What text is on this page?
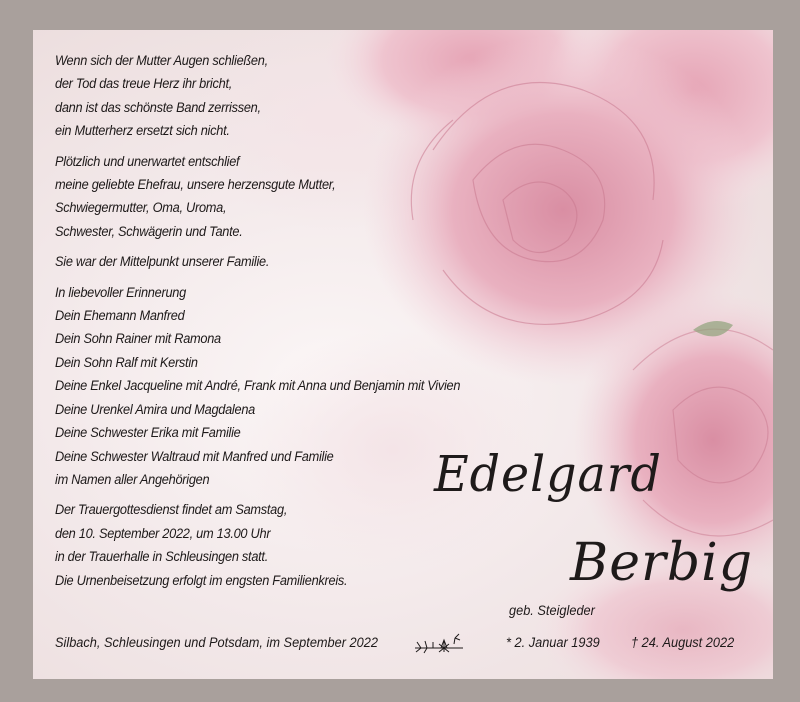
Wenn sich der Mutter Augen schließen,
der Tod das treue Herz ihr bricht,
dann ist das schönste Band zerrissen,
ein Mutterherz ersetzt sich nicht.
Plötzlich und unerwartet entschlief
meine geliebte Ehefrau, unsere herzensgute Mutter,
Schwiegermutter, Oma, Uroma,
Schwester, Schwägerin und Tante.
Sie war der Mittelpunkt unserer Familie.
In liebevoller Erinnerung
Dein Ehemann Manfred
Dein Sohn Rainer mit Ramona
Dein Sohn Ralf mit Kerstin
Deine Enkel Jacqueline mit André, Frank mit Anna und Benjamin mit Vivien
Deine Urenkel Amira und Magdalena
Deine Schwester Erika mit Familie
Deine Schwester Waltraud mit Manfred und Familie
im Namen aller Angehörigen
Der Trauergottesdienst findet am Samstag,
den 10. September 2022, um 13.00 Uhr
in der Trauerhalle in Schleusingen statt.
Die Urnenbeisetzung erfolgt im engsten Familienkreis.
Edelgard
Berbig
geb. Steigleder
Silbach, Schleusingen und Potsdam, im September 2022	* 2. Januar 1939 † 24. August 2022
